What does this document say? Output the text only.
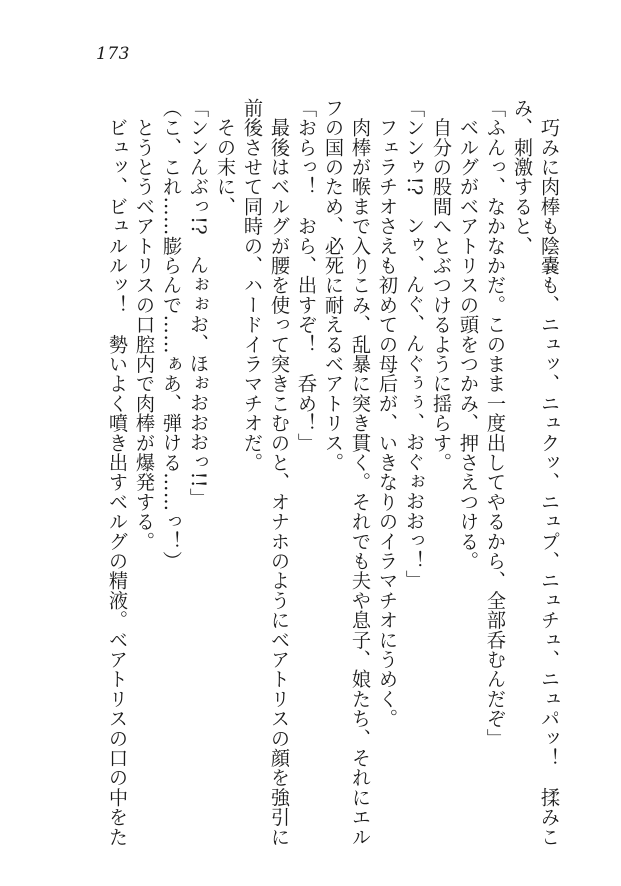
173
　巧みに肉棒も陰嚢も、ニュッ、ニュクッ、ニュプ、ニュチュ、ニュパッ！　揉みこ
み、刺激すると、
「ふんっ、なかなかだ。このまま一度出してやるから、全部呑むんだぞ」
　ベルグがベアトリスの頭をつかみ、押さえつける。
　自分の股間へとぶつけるように揺らす。
「ンンゥ!?　ンゥ、んぐ、んぐぅぅ、おぐぉおおっ！」
　フェラチオさえも初めての母后が、いきなりのイラマチオにうめく。
　肉棒が喉まで入りこみ、乱暴に突き貫く。それでも夫や息子、娘たち、それにエル
フの国のため、必死に耐えるベアトリス。
「おらっ！　おら、出すぞ！　呑め！」
　最後はベルグが腰を使って突きこむのと、オナホのようにベアトリスの顔を強引に
前後させて同時の、ハードイラマチオだ。
　その末に、
「ンンんぶっ!?　んぉぉお、ほぉおおおっ!!」
（こ、これ……膨らんで……ぁあ、弾ける……っ！）
　とうとうベアトリスの口腔内で肉棒が爆発する。
　ビュッ、ビュルルッ！　勢いよく噴き出すベルグの精液。ベアトリスの口の中をた
